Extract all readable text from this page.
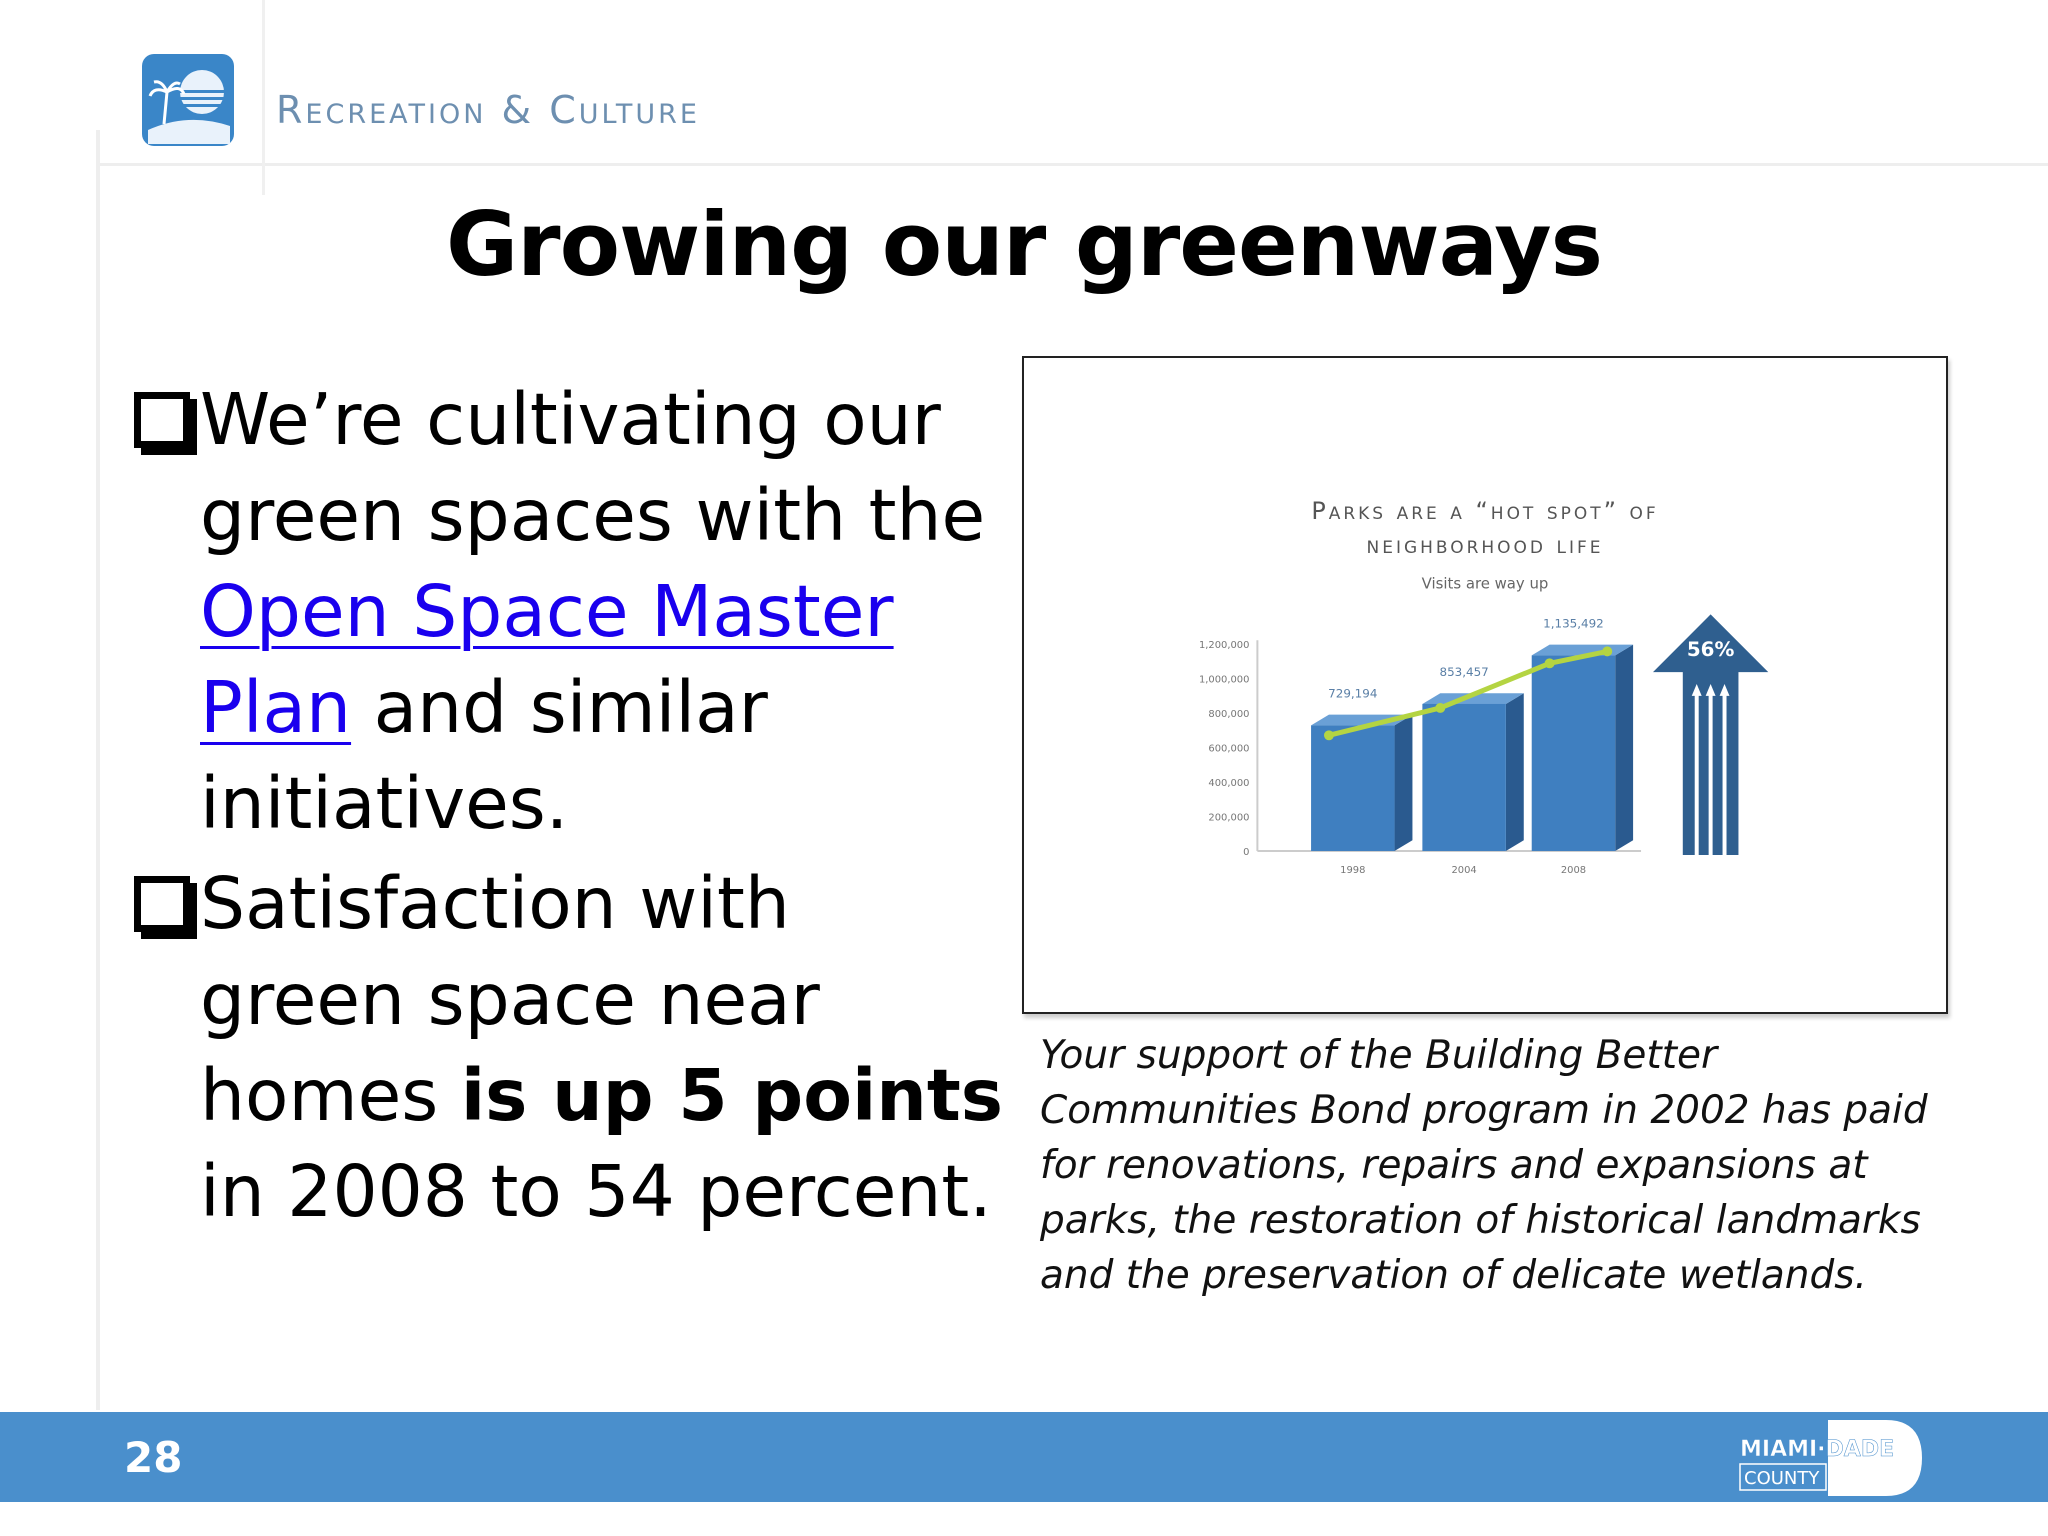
Recreation & Culture
Growing our greenways
We’re cultivating our green spaces with the Open Space Master Plan and similar initiatives.
Satisfaction with green space near homes is up 5 points in 2008 to 54 percent.
Parks are a “hot spot” of
neighborhood life
Visits are way up
0
200,000
400,000
600,000
800,000
1,000,000
1,200,000
729,194
1998
853,457
2004
1,135,492
2008
56%
Your support of the Building Better Communities Bond program in 2002 has paid for renovations, repairs and expansions at parks, the restoration of historical landmarks and the preservation of delicate wetlands.
28	MIAMI·DADE
COUNTY
